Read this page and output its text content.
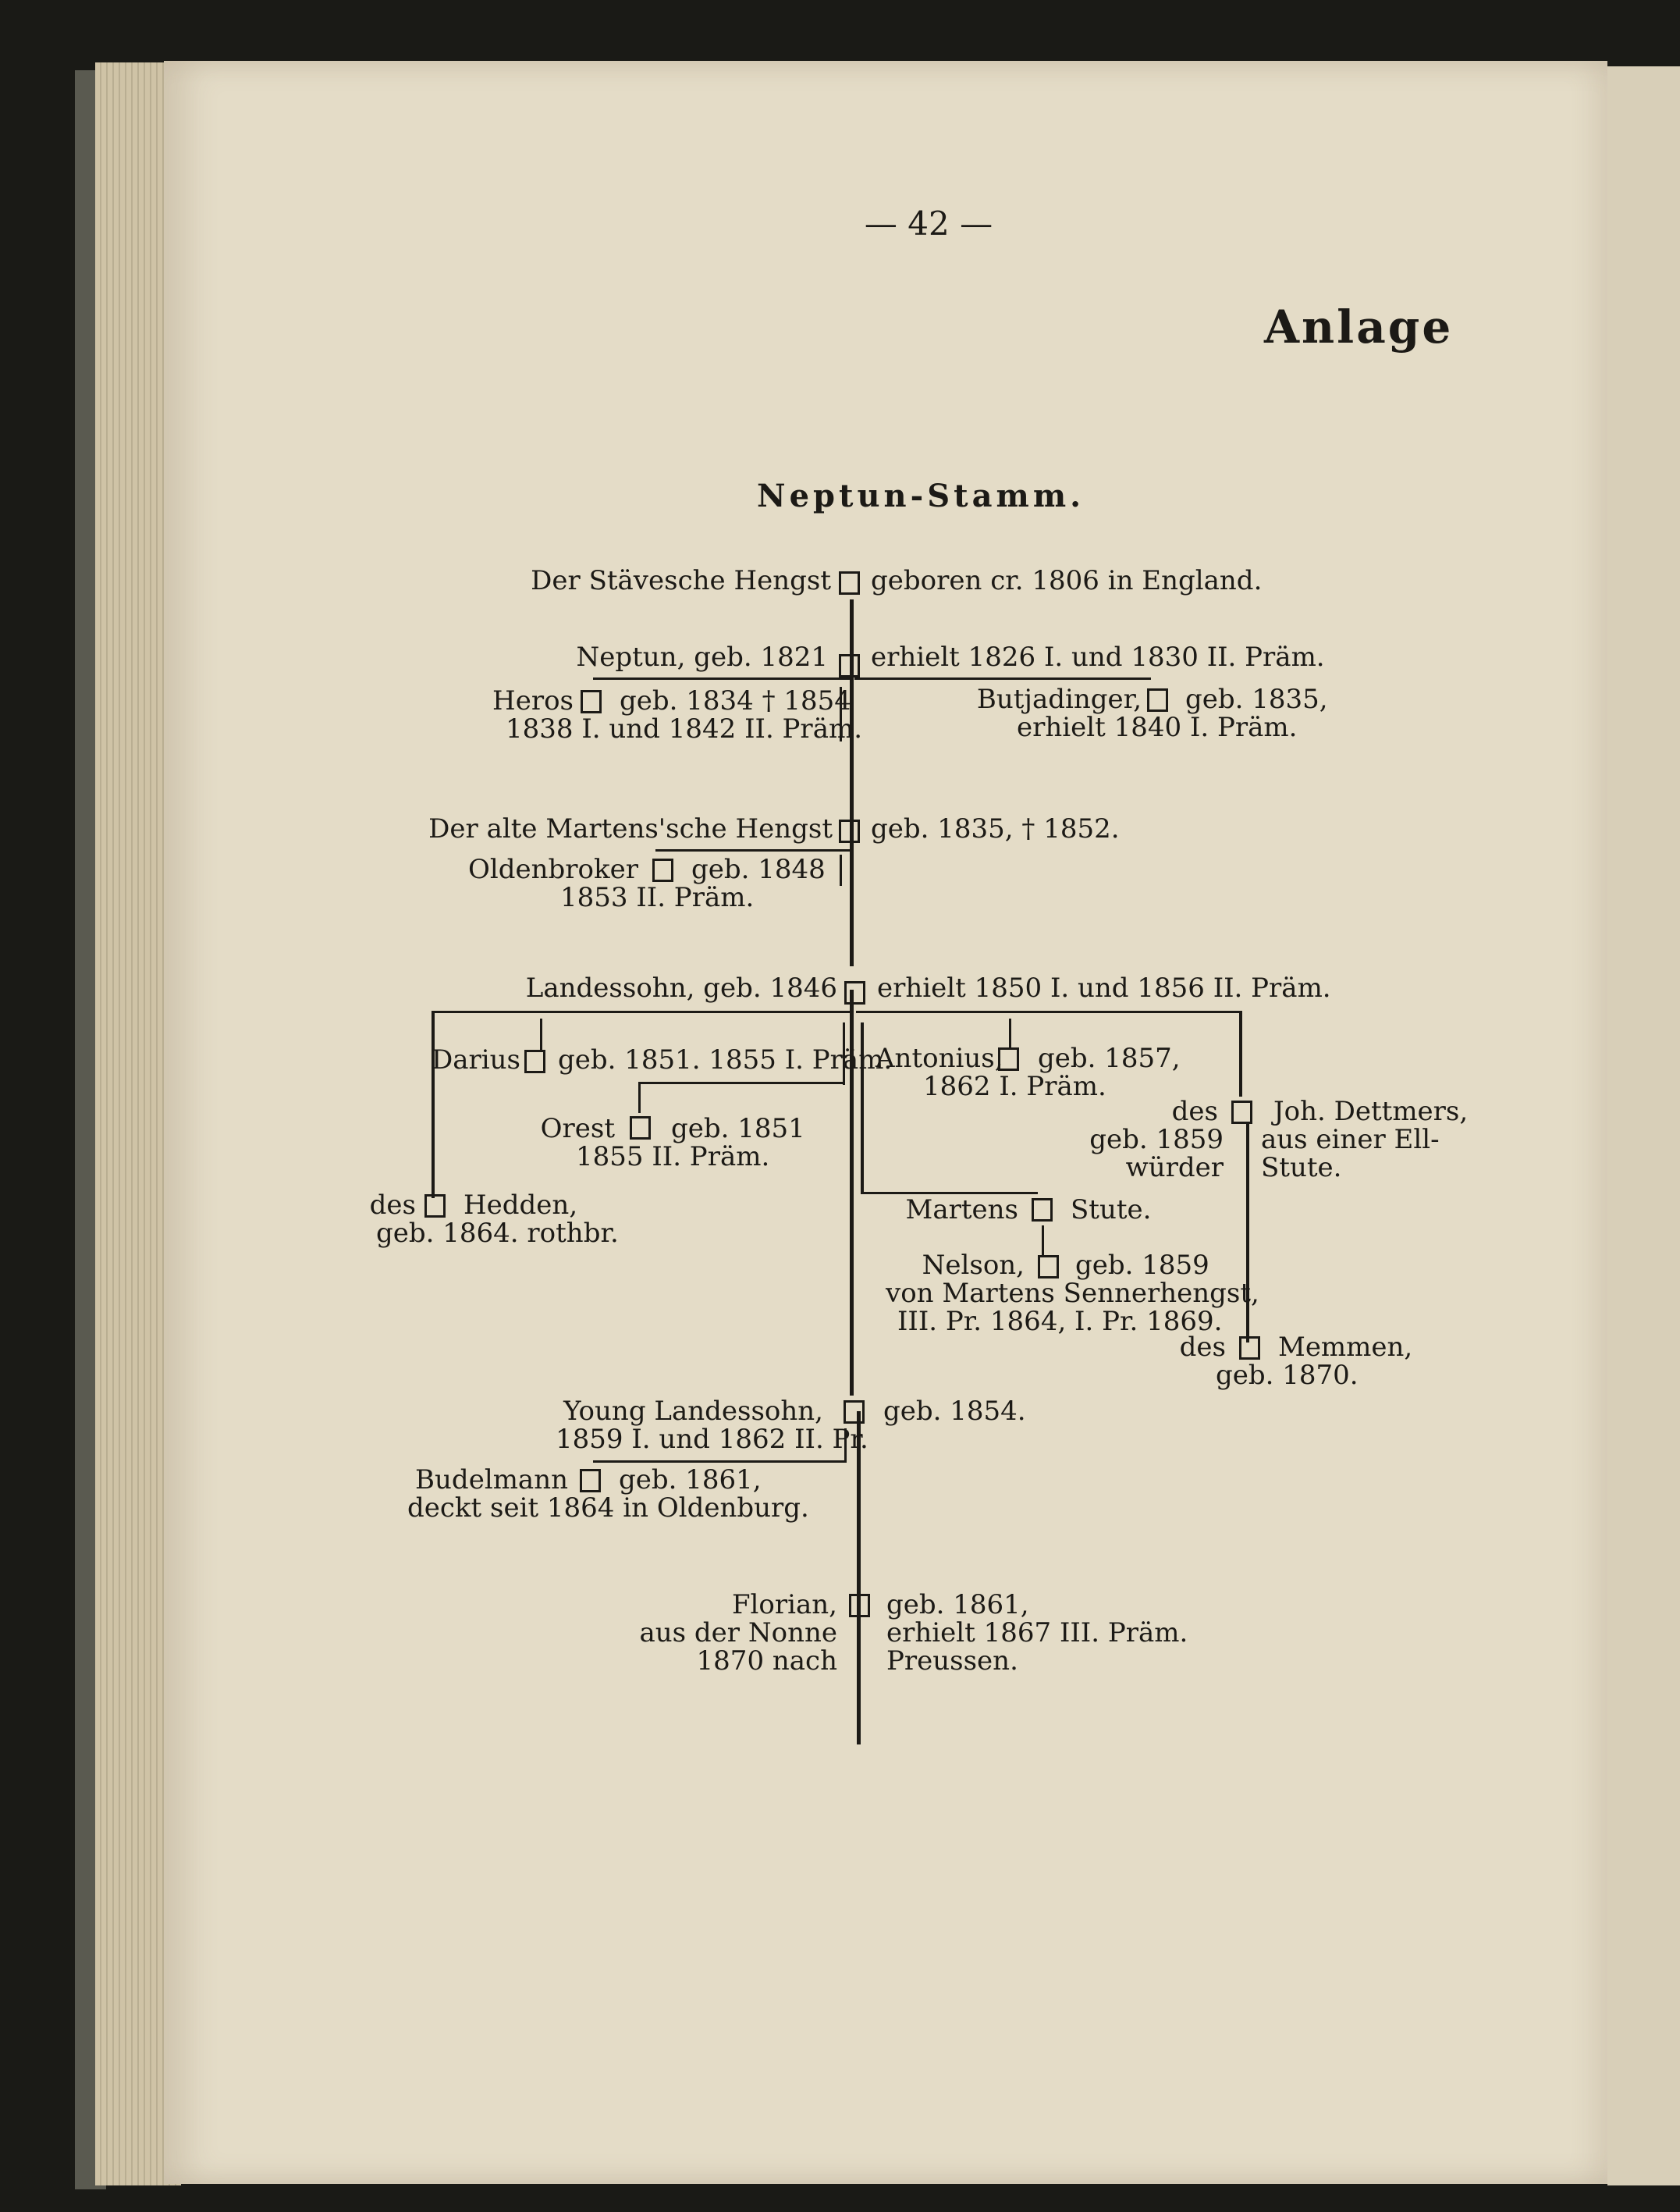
— 42 —
Anlage
Neptun-Stamm.
Der Stävesche Hengst geboren cr. 1806 in England.
Neptun, geb. 1821 erhielt 1826 I. und 1830 II. Präm.
Heros geb. 1834 † 1854
1838 I. und 1842 II. Präm.
Butjadinger, geb. 1835,
erhielt 1840 I. Präm.
Der alte Martens'sche Hengst geb. 1835, † 1852.
Oldenbroker geb. 1848
1853 II. Präm.
Landessohn, geb. 1846 erhielt 1850 I. und 1856 II. Präm.
Darius geb. 1851. 1855 I. Präm.
Antonius, geb. 1857,
1862 I. Präm.
des Joh. Dettmers,
geb. 1859 aus einer Ell-
würder Stute.
Orest geb. 1851
1855 II. Präm.
des Hedden,
geb. 1864. rothbr.
Martens Stute.
Nelson, geb. 1859
von Martens Sennerhengst,
III. Pr. 1864, I. Pr. 1869.
des Memmen,
geb. 1870.
Young Landessohn, geb. 1854.
1859 I. und 1862 II. Pr.
Budelmann geb. 1861,
deckt seit 1864 in Oldenburg.
Florian, geb. 1861,
aus der Nonne erhielt 1867 III. Präm.
1870 nach Preussen.
